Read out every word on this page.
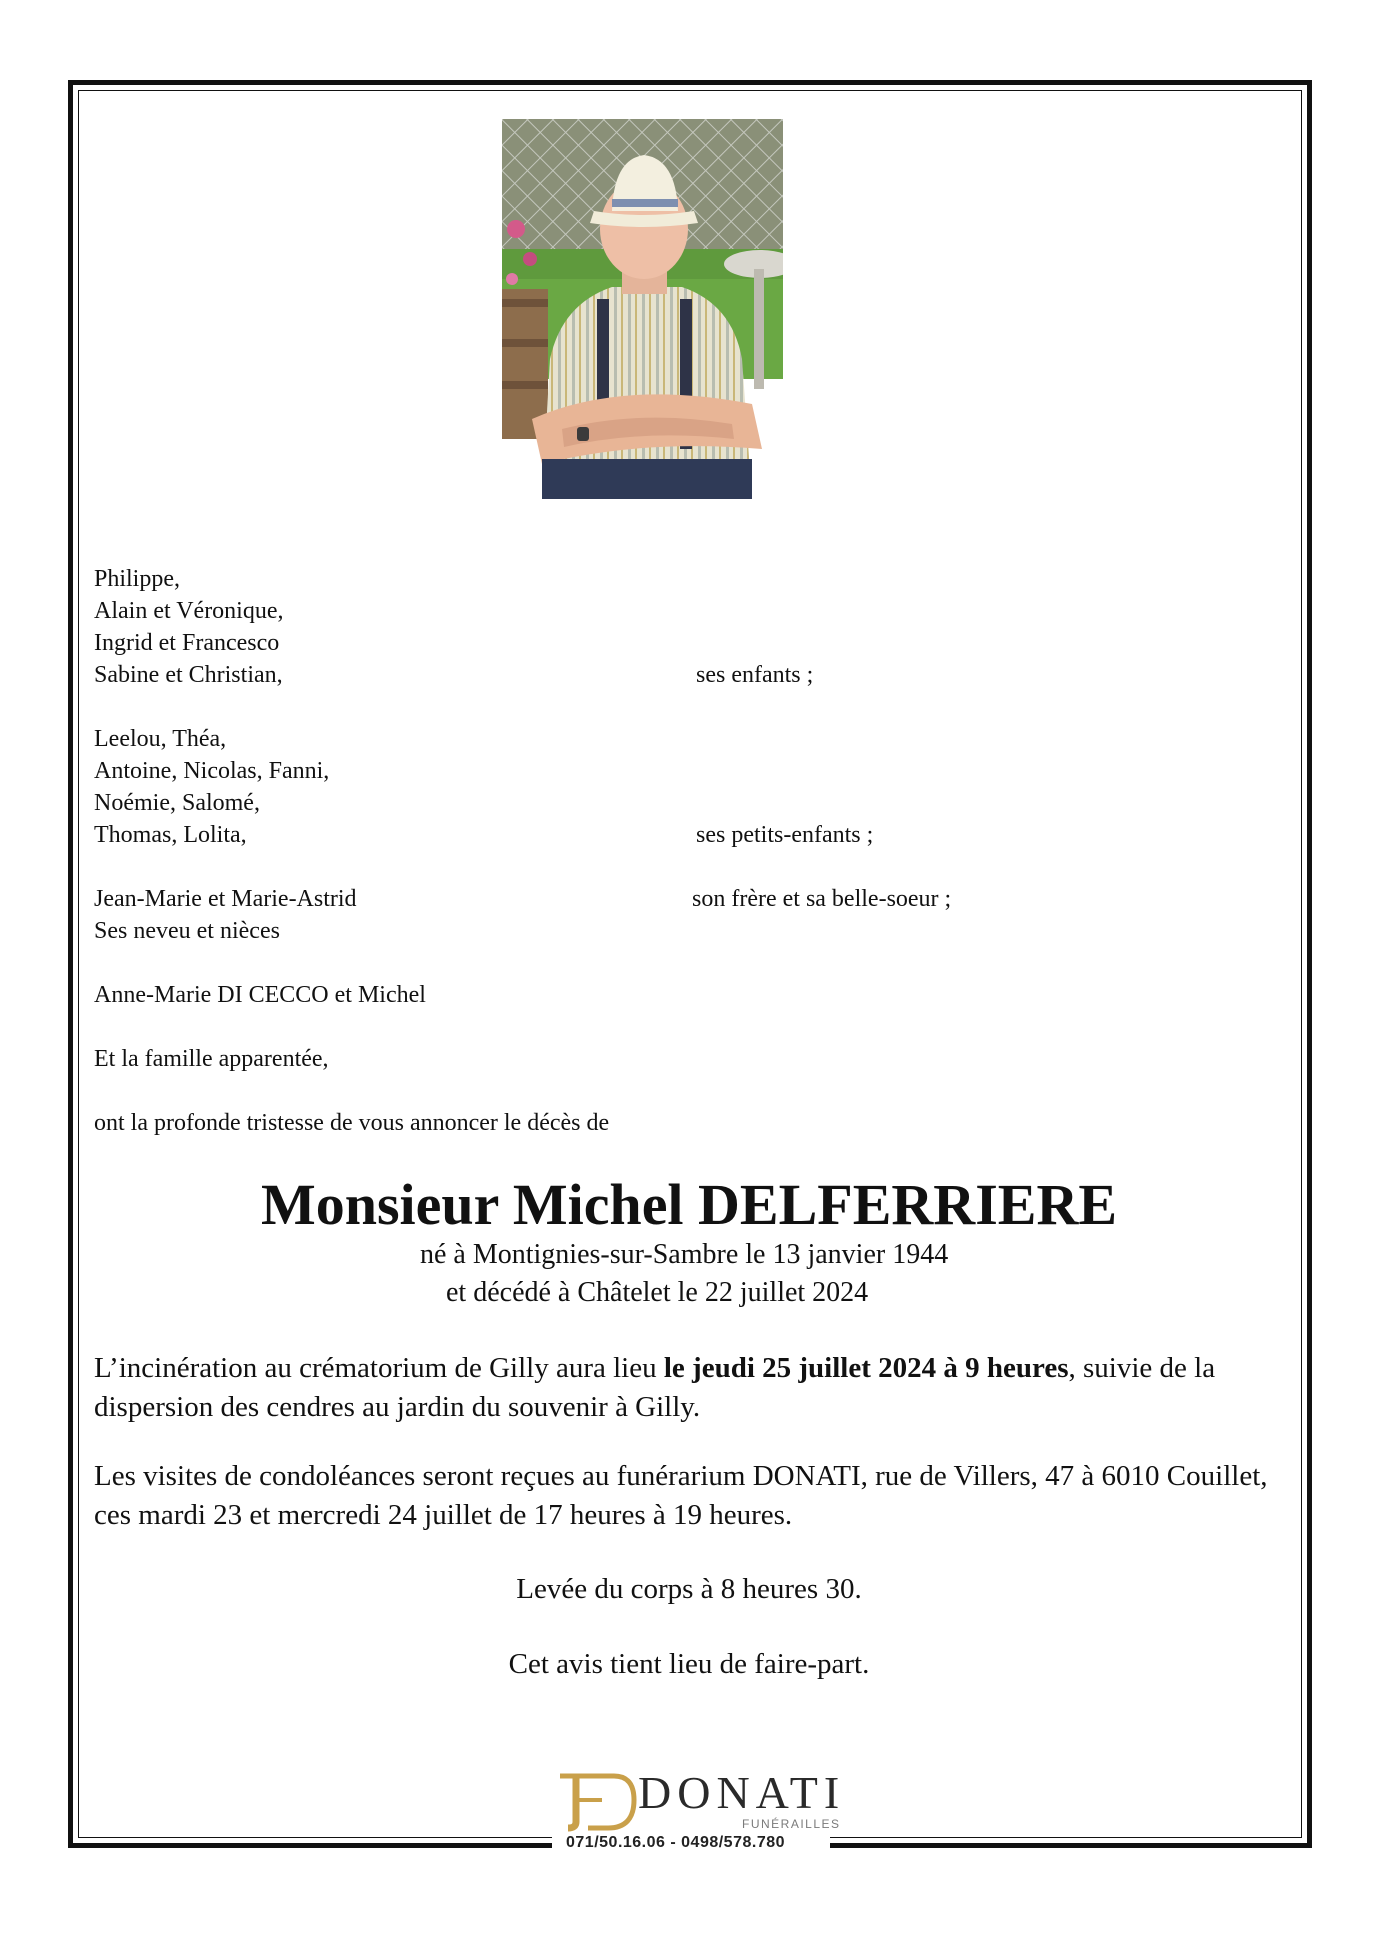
Philippe,
Alain et Véronique,
Ingrid et Francesco
Sabine et Christian,	ses enfants ;
Leelou, Théa,
Antoine, Nicolas, Fanni,
Noémie, Salomé,
Thomas, Lolita,	ses petits-enfants ;
Jean-Marie et Marie-Astrid	son frère et sa belle-soeur ;
Ses neveu et nièces
Anne-Marie DI CECCO et Michel
Et la famille apparentée,
ont la profonde tristesse de vous annoncer le décès de
Monsieur Michel DELFERRIERE
né à Montignies-sur-Sambre le 13 janvier 1944
et décédé à Châtelet le 22 juillet 2024
L’incinération au crématorium de Gilly aura lieu le jeudi 25 juillet 2024 à 9 heures, suivie de la dispersion des cendres au jardin du souvenir à Gilly.
Les visites de condoléances seront reçues au funérarium DONATI, rue de Villers, 47 à 6010 Couillet, ces mardi 23 et mercredi 24 juillet de 17 heures à 19 heures.
Levée du corps à 8 heures 30.
Cet avis tient lieu de faire-part.
DONATI
FUNÉRAILLES
071/50.16.06 - 0498/578.780
